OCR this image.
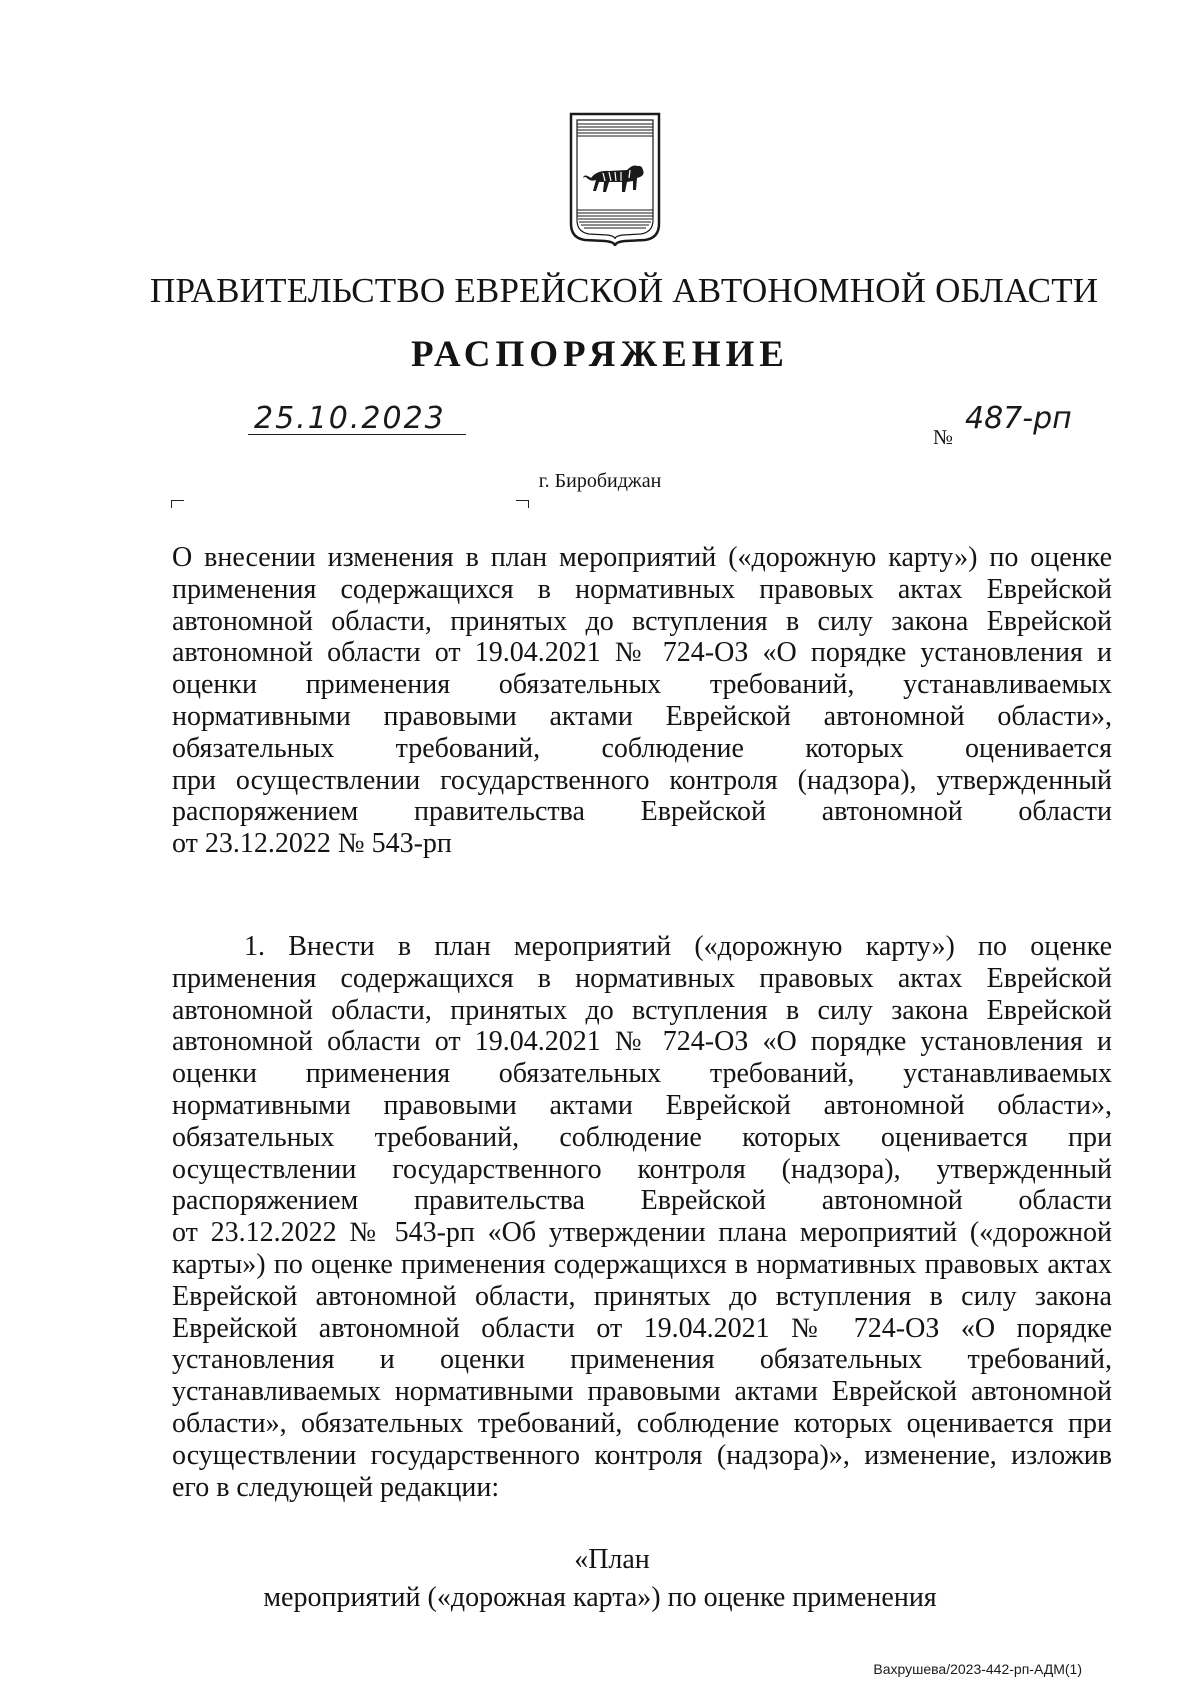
ПРАВИТЕЛЬСТВО ЕВРЕЙСКОЙ АВТОНОМНОЙ ОБЛАСТИ
РАСПОРЯЖЕНИЕ
25.10.2023
№
487-рп
г. Биробиджан
О внесении изменения в план мероприятий («дорожную карту») по оценке
применения содержащихся в нормативных правовых актах Еврейской
автономной области, принятых до вступления в силу закона Еврейской
автономной области от 19.04.2021 № 724-ОЗ «О порядке установления и
оценки применения обязательных требований, устанавливаемых
нормативными правовыми актами Еврейской автономной области»,
обязательных требований, соблюдение которых оценивается
при осуществлении государственного контроля (надзора), утвержденный
распоряжением правительства Еврейской автономной области
от 23.12.2022 № 543-рп
1. Внести в план мероприятий («дорожную карту») по оценке
применения содержащихся в нормативных правовых актах Еврейской
автономной области, принятых до вступления в силу закона Еврейской
автономной области от 19.04.2021 № 724-ОЗ «О порядке установления и
оценки применения обязательных требований, устанавливаемых
нормативными правовыми актами Еврейской автономной области»,
обязательных требований, соблюдение которых оценивается при
осуществлении государственного контроля (надзора), утвержденный
распоряжением правительства Еврейской автономной области
от 23.12.2022 № 543-рп «Об утверждении плана мероприятий («дорожной
карты») по оценке применения содержащихся в нормативных правовых актах
Еврейской автономной области, принятых до вступления в силу закона
Еврейской автономной области от 19.04.2021 № 724-ОЗ «О порядке
установления и оценки применения обязательных требований,
устанавливаемых нормативными правовыми актами Еврейской автономной
области», обязательных требований, соблюдение которых оценивается при
осуществлении государственного контроля (надзора)», изменение, изложив
его в следующей редакции:
«План
мероприятий («дорожная карта») по оценке применения
Вахрушева/2023-442-рп-АДМ(1)
